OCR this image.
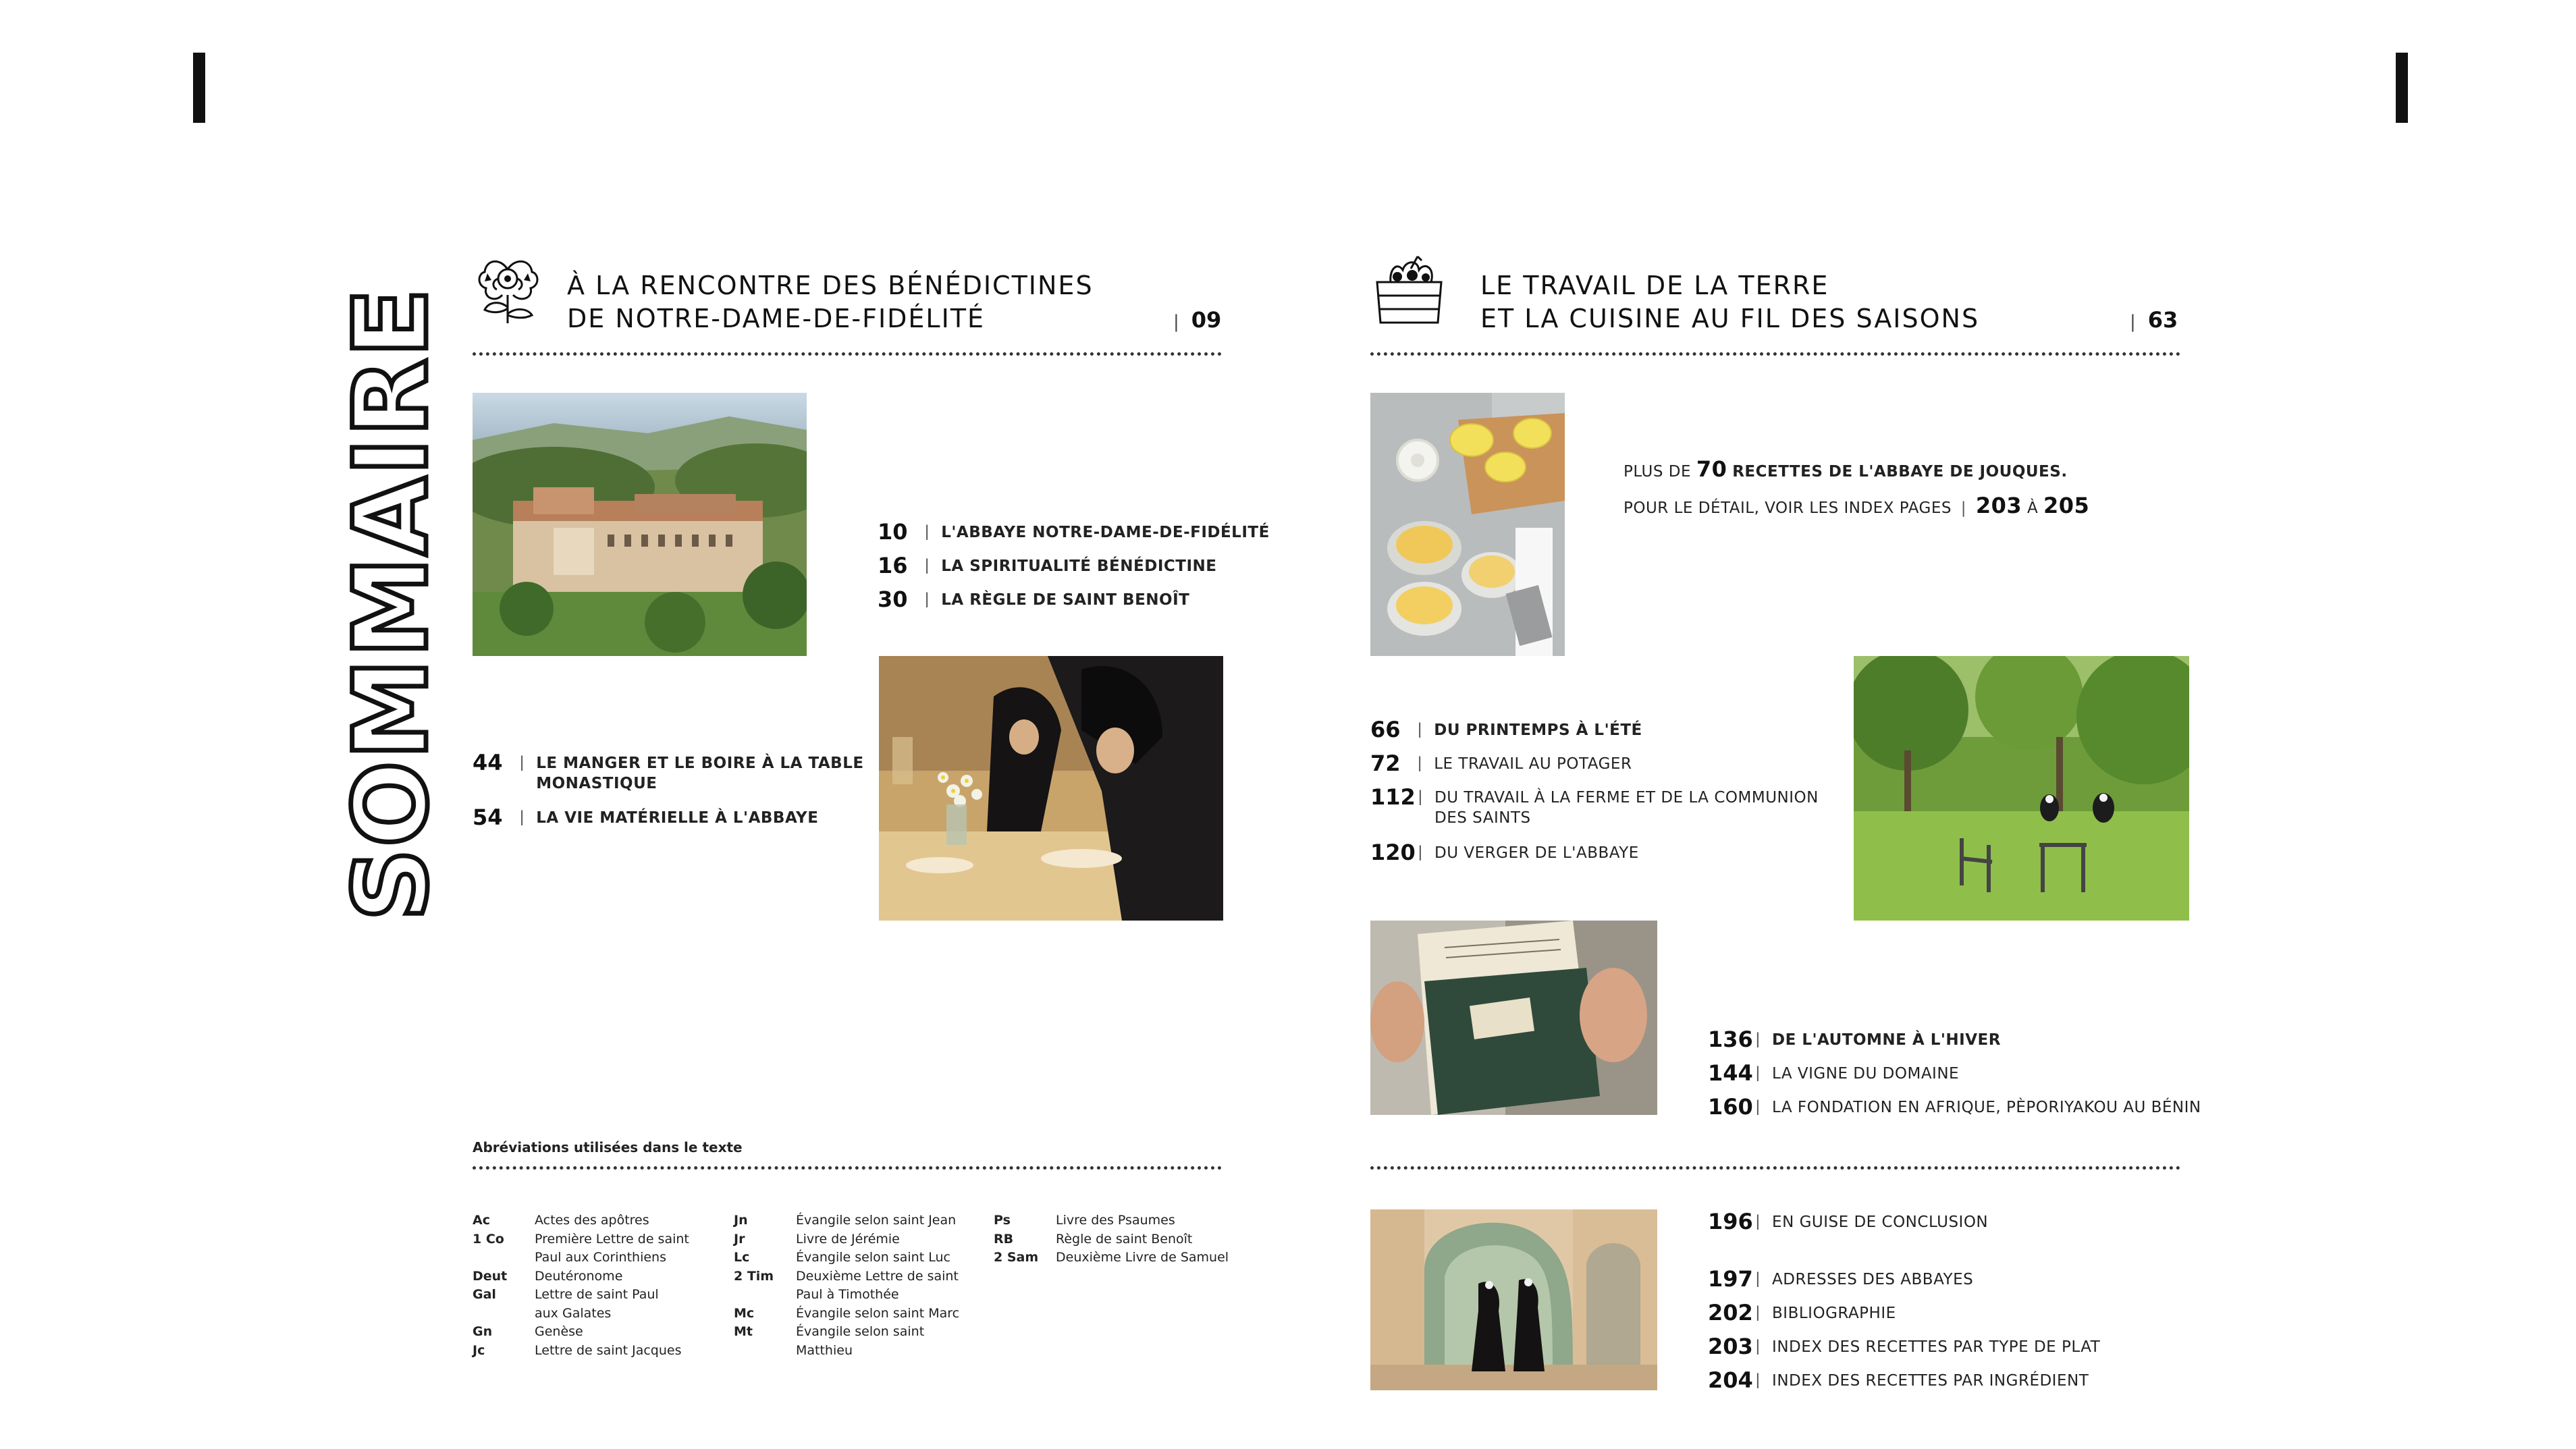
SOMMAIRE
À LA RENCONTRE DES BÉNÉDICTINES
DE NOTRE-DAME-DE-FIDÉLITÉ	| 09
10	| L'ABBAYE NOTRE-DAME-DE-FIDÉLITÉ
16	| LA SPIRITUALITÉ BÉNÉDICTINE
30	| LA RÈGLE DE SAINT BENOÎT
44	| LE MANGER ET LE BOIRE À LA TABLE
MONASTIQUE
54	| LA VIE MATÉRIELLE À L'ABBAYE
Abréviations utilisées dans le texte
Ac	Actes des apôtres
1 Co	Première Lettre de saint
Paul aux Corinthiens
Deut	Deutéronome
Gal	Lettre de saint Paul
aux Galates
Gn	Genèse
Jc	Lettre de saint Jacques
Jn	Évangile selon saint Jean
Jr	Livre de Jérémie
Lc	Évangile selon saint Luc
2 Tim	Deuxième Lettre de saint
Paul à Timothée
Mc	Évangile selon saint Marc
Mt	Évangile selon saint
Matthieu
Ps	Livre des Psaumes
RB	Règle de saint Benoît
2 Sam	Deuxième Livre de Samuel
LE TRAVAIL DE LA TERRE
ET LA CUISINE AU FIL DES SAISONS	| 63
PLUS DE 70 RECETTES DE L'ABBAYE DE JOUQUES.
POUR LE DÉTAIL, VOIR LES INDEX PAGES | 203 À 205
66	| DU PRINTEMPS À L'ÉTÉ
72	| LE TRAVAIL AU POTAGER
112 | DU TRAVAIL À LA FERME ET DE LA COMMUNION
DES SAINTS
120 | DU VERGER DE L'ABBAYE
136 | DE L'AUTOMNE À L'HIVER
144 | LA VIGNE DU DOMAINE
160 | LA FONDATION EN AFRIQUE, PÈPORIYAKOU AU BÉNIN
196 | EN GUISE DE CONCLUSION
197 | ADRESSES DES ABBAYES
202 | BIBLIOGRAPHIE
203 | INDEX DES RECETTES PAR TYPE DE PLAT
204 | INDEX DES RECETTES PAR INGRÉDIENT
